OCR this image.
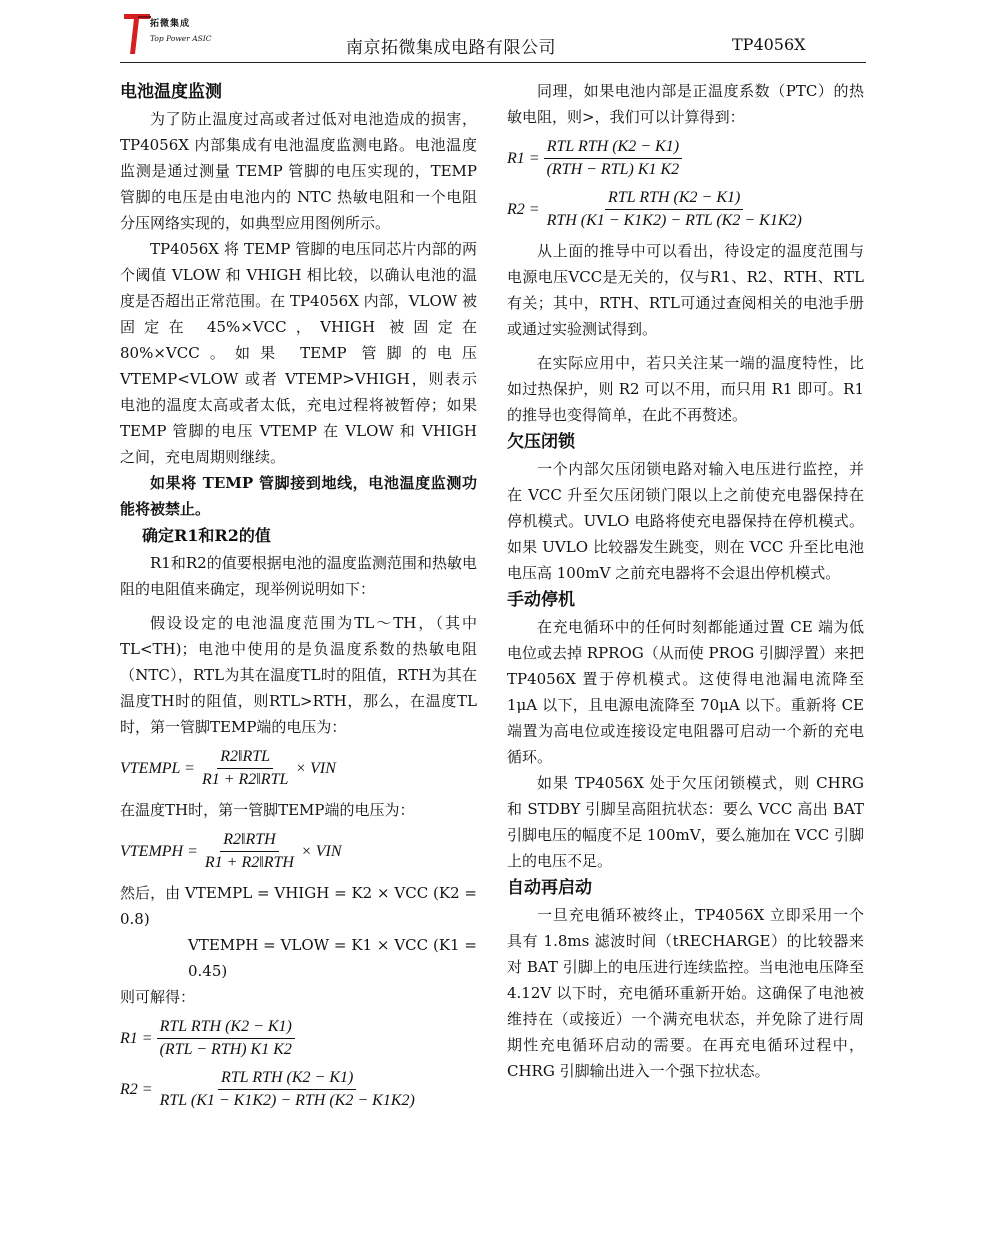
拓微集成
Top Power ASIC	南京拓微集成电路有限公司	TP4056X
电池温度监测

为了防止温度过高或者过低对电池造成的损害，TP4056X 内部集成有电池温度监测电路。电池温度监测是通过测量 TEMP 管脚的电压实现的，TEMP 管脚的电压是由电池内的 NTC 热敏电阻和一个电阻分压网络实现的，如典型应用图例所示。

TP4056X 将 TEMP 管脚的电压同芯片内部的两个阈值 VLOW 和 VHIGH 相比较，以确认电池的温度是否超出正常范围。在 TP4056X 内部，VLOW 被固定在 45%×VCC，VHIGH 被固定在 80%×VCC。如果 TEMP 管脚的电压 VTEMP<VLOW 或者 VTEMP>VHIGH，则表示电池的温度太高或者太低，充电过程将被暂停；如果 TEMP 管脚的电压 VTEMP 在 VLOW 和 VHIGH 之间，充电周期则继续。

如果将 TEMP 管脚接到地线，电池温度监测功能将被禁止。

确定R1和R2的值

R1和R2的值要根据电池的温度监测范围和热敏电阻的电阻值来确定，现举例说明如下：

假设设定的电池温度范围为TL～TH，（其中TL<TH)；电池中使用的是负温度系数的热敏电阻（NTC），RTL为其在温度TL时的阻值，RTH为其在温度TH时的阻值，则RTL>RTH，那么，在温度TL时，第一管脚TEMP端的电压为：

VTEMPL = $\frac{\text{R2‖RTL}}{\text{R1 + R2‖RTL}}$ × VIN

在温度TH时，第一管脚TEMP端的电压为：

VTEMPH = $\frac{\text{R2‖RTH}}{\text{R1 + R2‖RTH}}$ × VIN

然后，由 VTEMPL = VHIGH = K2 × VCC (K2 = 0.8)

VTEMPH = VLOW = K1 × VCC (K1 = 0.45)

则可解得：

$R1 = \frac{\text{RTL RTH (K2 − K1)}}{\text{(RTL − RTH) K1 K2}}$
$R2 = \frac{\text{RTL RTH (K2 − K1)}}{\text{RTL (K1 − K1K2) − RTH (K2 − K1K2)}}$

同理，如果电池内部是正温度系数（PTC）的热敏电阻，则>，我们可以计算得到：

$R1 = \frac{\text{RTL RTH (K2 − K1)}}{\text{(RTH − RTL) K1 K2}}$
$R2 = \frac{\text{RTL RTH (K2 − K1)}}{\text{RTH (K1 − K1K2) − RTL (K2 − K1K2)}}$

从上面的推导中可以看出，待设定的温度范围与电源电压VCC是无关的，仅与R1、R2、RTH、RTL有关；其中，RTH、RTL可通过查阅相关的电池手册或通过实验测试得到。

在实际应用中，若只关注某一端的温度特性，比如过热保护，则 R2 可以不用，而只用 R1 即可。R1 的推导也变得简单，在此不再赘述。

欠压闭锁

一个内部欠压闭锁电路对输入电压进行监控，并在 VCC 升至欠压闭锁门限以上之前使充电器保持在停机模式。UVLO 电路将使充电器保持在停机模式。如果 UVLO 比较器发生跳变，则在 VCC 升至比电池电压高 100mV 之前充电器将不会退出停机模式。

手动停机

在充电循环中的任何时刻都能通过置 CE 端为低电位或去掉 RPROG（从而使 PROG 引脚浮置）来把 TP4056X 置于停机模式。这使得电池漏电流降至 1μA 以下，且电源电流降至 70μA 以下。重新将 CE 端置为高电位或连接设定电阻器可启动一个新的充电循环。

如果 TP4056X 处于欠压闭锁模式，则 CHRG 和 STDBY 引脚呈高阻抗状态：要么 VCC 高出 BAT 引脚电压的幅度不足 100mV，要么施加在 VCC 引脚上的电压不足。

自动再启动

一旦充电循环被终止，TP4056X 立即采用一个具有 1.8ms 滤波时间（tRECHARGE）的比较器来对 BAT 引脚上的电压进行连续监控。当电池电压降至 4.12V 以下时，充电循环重新开始。这确保了电池被维持在（或接近）一个满充电状态，并免除了进行周期性充电循环启动的需要。在再充电循环过程中，CHRG 引脚输出进入一个强下拉状态。
